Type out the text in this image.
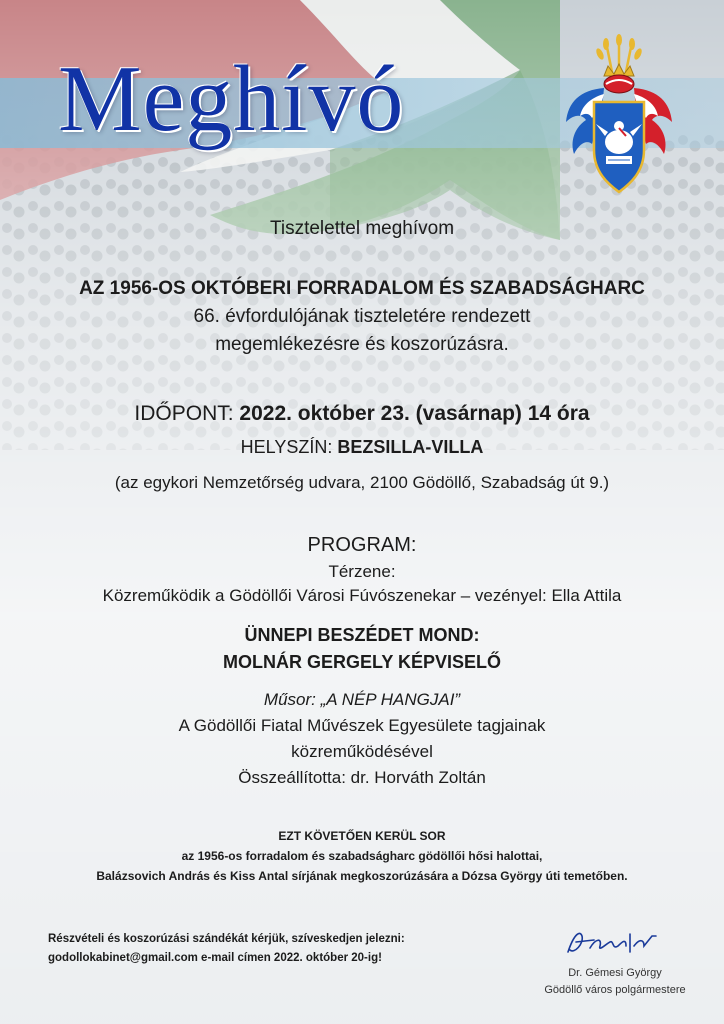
Meghívó
Tisztelettel meghívom
AZ 1956-OS OKTÓBERI FORRADALOM ÉS SZABADSÁGHARC
66. évfordulójának tiszteletére rendezett
megemlékezésre és koszorúzásra.
IDŐPONT: 2022. október 23. (vasárnap) 14 óra
HELYSZÍN: BEZSILLA-VILLA
(az egykori Nemzetőrség udvara, 2100 Gödöllő, Szabadság út 9.)
PROGRAM:
Térzene:
Közreműködik a Gödöllői Városi Fúvószenekar – vezényel: Ella Attila
ÜNNEPI BESZÉDET MOND:
MOLNÁR GERGELY KÉPVISELŐ
Műsor: „A NÉP HANGJAI”
A Gödöllői Fiatal Művészek Egyesülete tagjainak
közreműködésével
Összeállította: dr. Horváth Zoltán
EZT KÖVETŐEN KERÜL SOR
az 1956-os forradalom és szabadságharc gödöllői hősi halottai,
Balázsovich András és Kiss Antal sírjának megkoszorúzására a Dózsa György úti temetőben.
Részvételi és koszorúzási szándékát kérjük, szíveskedjen jelezni:
godollokabinet@gmail.com e-mail címen 2022. október 20-ig!
Dr. Gémesi György
Gödöllő város polgármestere
